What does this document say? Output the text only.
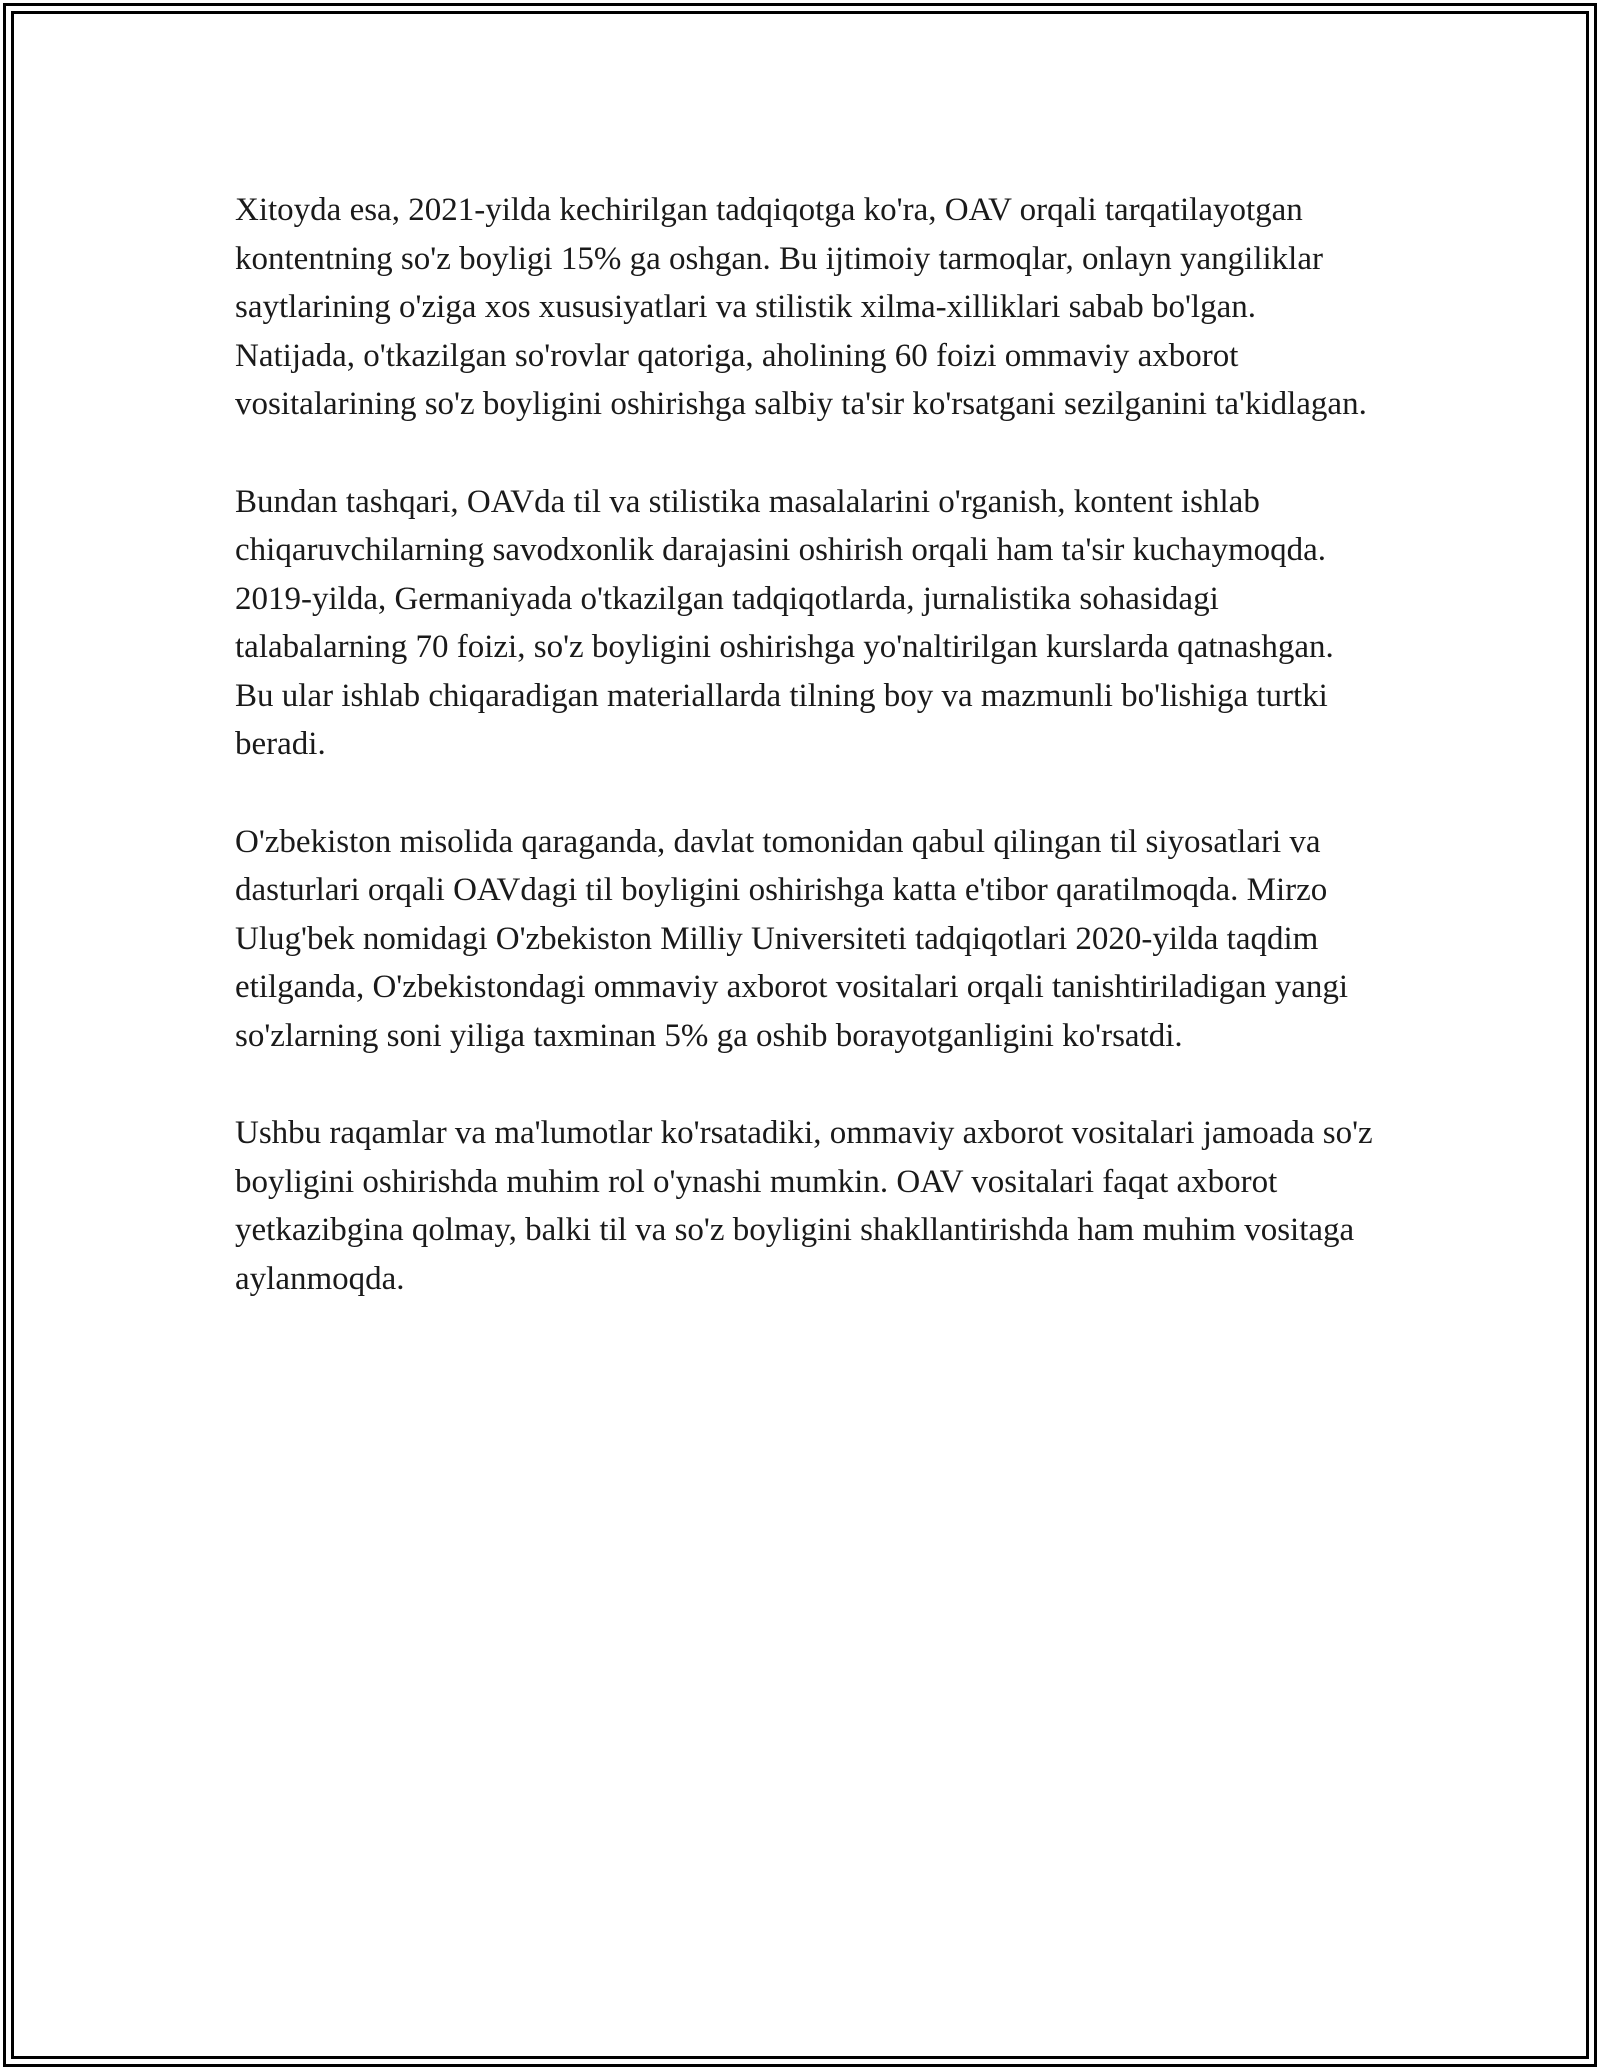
Xitoyda esa, 2021-yilda kechirilgan tadqiqotga ko'ra, OAV orqali tarqatilayotgan kontentning so'z boyligi 15% ga oshgan. Bu ijtimoiy tarmoqlar, onlayn yangiliklar saytlarining o'ziga xos xususiyatlari va stilistik xilma-xilliklari sabab bo'lgan. Natijada, o'tkazilgan so'rovlar qatoriga, aholining 60 foizi ommaviy axborot vositalarining so'z boyligini oshirishga salbiy ta'sir ko'rsatgani sezilganini ta'kidlagan.

Bundan tashqari, OAVda til va stilistika masalalarini o'rganish, kontent ishlab chiqaruvchilarning savodxonlik darajasini oshirish orqali ham ta'sir kuchaymoqda. 2019-yilda, Germaniyada o'tkazilgan tadqiqotlarda, jurnalistika sohasidagi talabalarning 70 foizi, so'z boyligini oshirishga yo'naltirilgan kurslarda qatnashgan. Bu ular ishlab chiqaradigan materiallarda tilning boy va mazmunli bo'lishiga turtki beradi.

O'zbekiston misolida qaraganda, davlat tomonidan qabul qilingan til siyosatlari va dasturlari orqali OAVdagi til boyligini oshirishga katta e'tibor qaratilmoqda. Mirzo Ulug'bek nomidagi O'zbekiston Milliy Universiteti tadqiqotlari 2020-yilda taqdim etilganda, O'zbekistondagi ommaviy axborot vositalari orqali tanishtiriladigan yangi so'zlarning soni yiliga taxminan 5% ga oshib borayotganligini ko'rsatdi.

Ushbu raqamlar va ma'lumotlar ko'rsatadiki, ommaviy axborot vositalari jamoada so'z boyligini oshirishda muhim rol o'ynashi mumkin. OAV vositalari faqat axborot yetkazibgina qolmay, balki til va so'z boyligini shakllantirishda ham muhim vositaga aylanmoqda.
